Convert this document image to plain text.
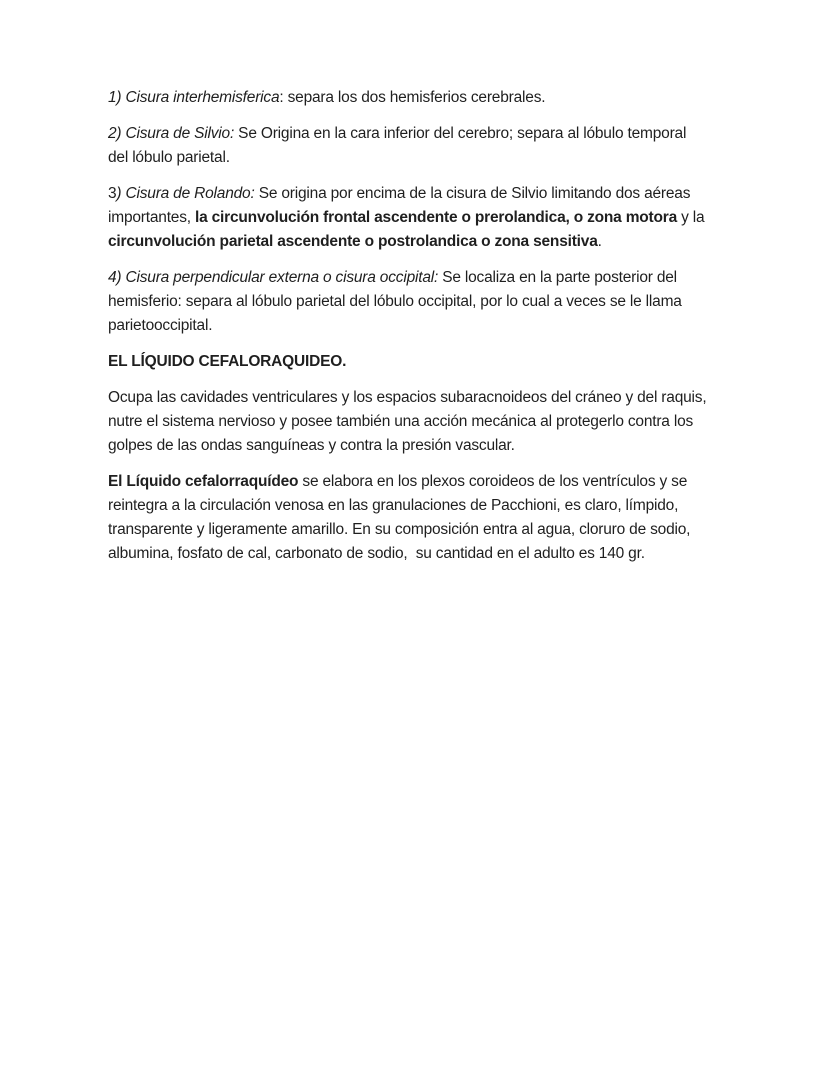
1) Cisura interhemisferica: separa los dos hemisferios cerebrales.

2) Cisura de Silvio: Se Origina en la cara inferior del cerebro; separa al lóbulo temporal del lóbulo parietal.

3) Cisura de Rolando: Se origina por encima de la cisura de Silvio limitando dos aéreas importantes, la circunvolución frontal ascendente o prerolandica, o zona motora y la circunvolución parietal ascendente o postrolandica o zona sensitiva.

4) Cisura perpendicular externa o cisura occipital: Se localiza en la parte posterior del hemisferio: separa al lóbulo parietal del lóbulo occipital, por lo cual a veces se le llama parietooccipital.

EL LÍQUIDO CEFALORAQUIDEO.

Ocupa las cavidades ventriculares y los espacios subaracnoideos del cráneo y del raquis, nutre el sistema nervioso y posee también una acción mecánica al protegerlo contra los golpes de las ondas sanguíneas y contra la presión vascular.

El Líquido cefalorraquídeo se elabora en los plexos coroideos de los ventrículos y se reintegra a la circulación venosa en las granulaciones de Pacchioni, es claro, límpido, transparente y ligeramente amarillo. En su composición entra al agua, cloruro de sodio, albumina, fosfato de cal, carbonato de sodio,  su cantidad en el adulto es 140 gr.
